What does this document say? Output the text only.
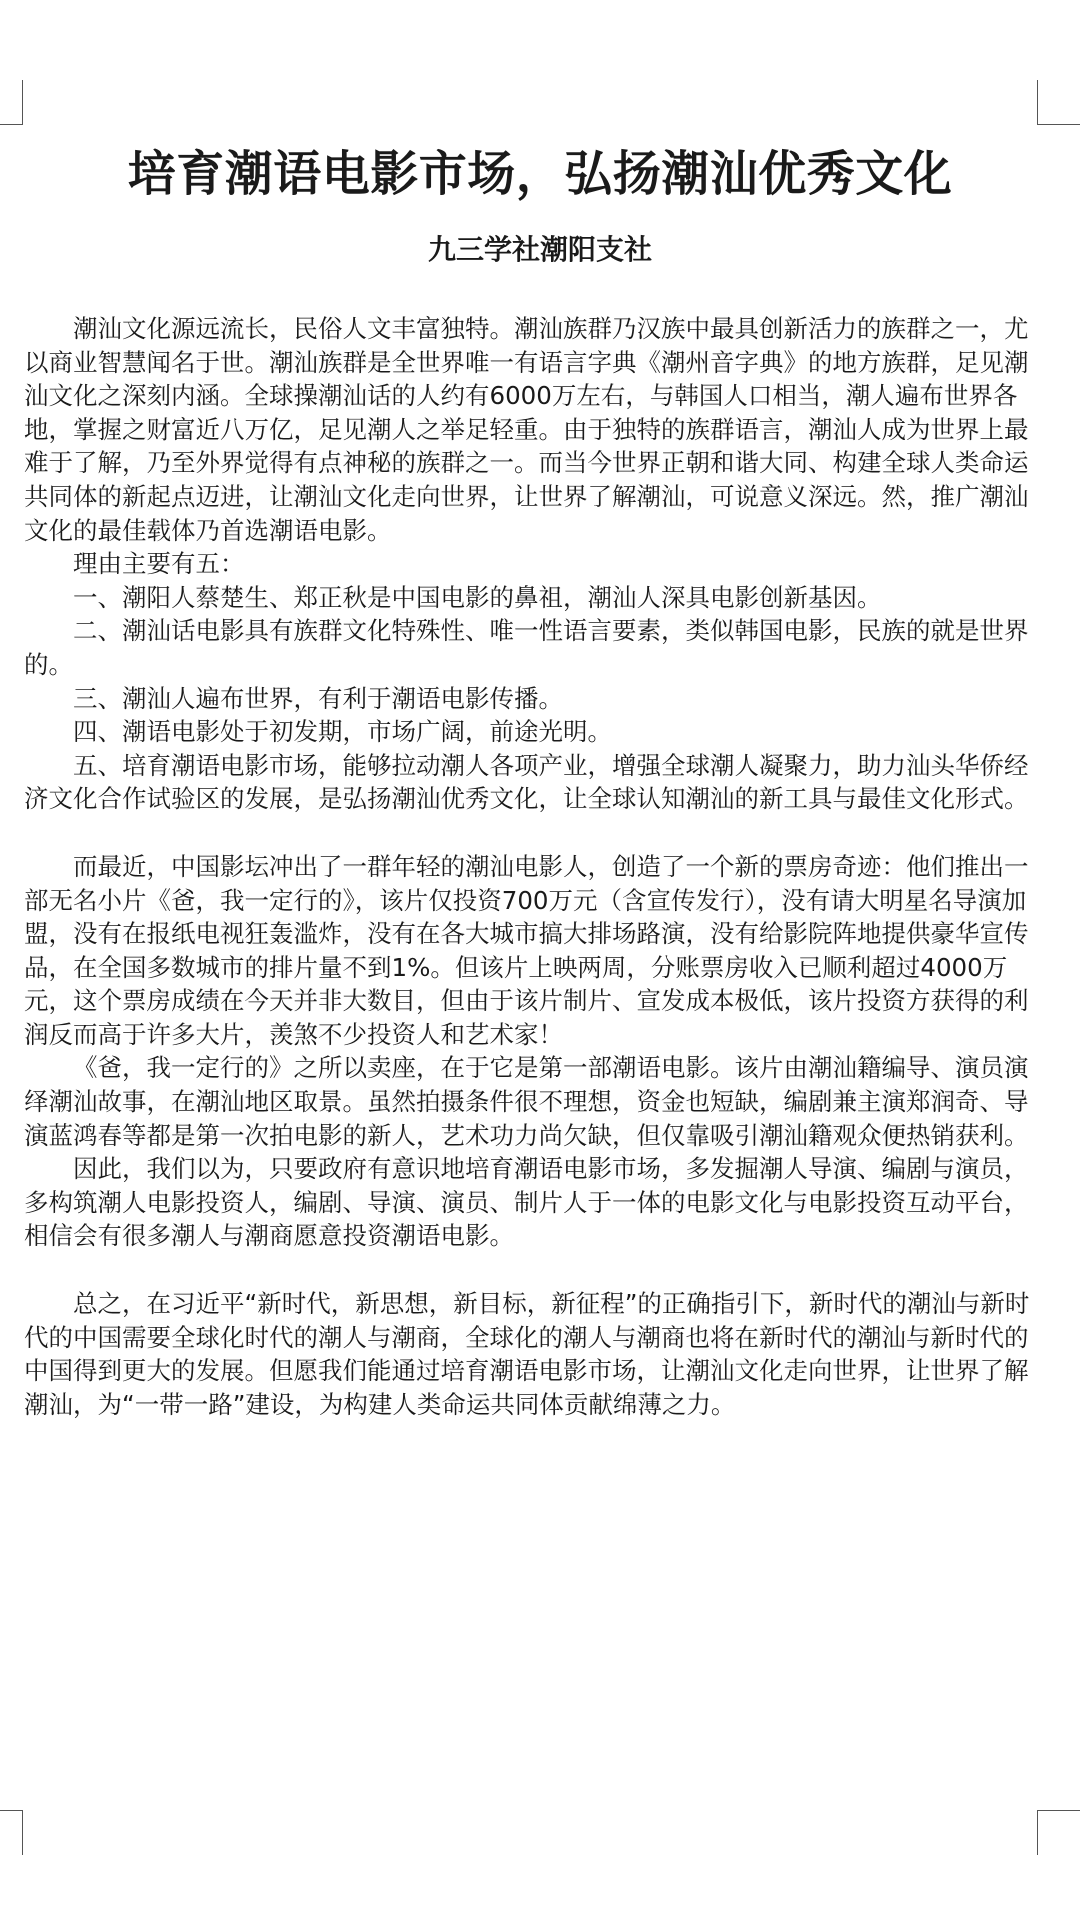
培育潮语电影市场，弘扬潮汕优秀文化
九三学社潮阳支社

潮汕文化源远流长，民俗人文丰富独特。潮汕族群乃汉族中最具创新活力的族群之一，尤以商业智慧闻名于世。潮汕族群是全世界唯一有语言字典《潮州音字典》的地方族群，足见潮汕文化之深刻内涵。全球操潮汕话的人约有6000万左右，与韩国人口相当，潮人遍布世界各地，掌握之财富近八万亿，足见潮人之举足轻重。由于独特的族群语言，潮汕人成为世界上最难于了解，乃至外界觉得有点神秘的族群之一。而当今世界正朝和谐大同、构建全球人类命运共同体的新起点迈进，让潮汕文化走向世界，让世界了解潮汕，可说意义深远。然，推广潮汕文化的最佳载体乃首选潮语电影。

理由主要有五：

一、潮阳人蔡楚生、郑正秋是中国电影的鼻祖，潮汕人深具电影创新基因。

二、潮汕话电影具有族群文化特殊性、唯一性语言要素，类似韩国电影，民族的就是世界的。

三、潮汕人遍布世界，有利于潮语电影传播。

四、潮语电影处于初发期，市场广阔，前途光明。

五、培育潮语电影市场，能够拉动潮人各项产业，增强全球潮人凝聚力，助力汕头华侨经济文化合作试验区的发展，是弘扬潮汕优秀文化，让全球认知潮汕的新工具与最佳文化形式。

而最近，中国影坛冲出了一群年轻的潮汕电影人，创造了一个新的票房奇迹：他们推出一部无名小片《爸，我一定行的》，该片仅投资700万元（含宣传发行），没有请大明星名导演加盟，没有在报纸电视狂轰滥炸，没有在各大城市搞大排场路演，没有给影院阵地提供豪华宣传品，在全国多数城市的排片量不到1%。但该片上映两周，分账票房收入已顺利超过4000万元，这个票房成绩在今天并非大数目，但由于该片制片、宣发成本极低，该片投资方获得的利润反而高于许多大片，羡煞不少投资人和艺术家！

《爸，我一定行的》之所以卖座，在于它是第一部潮语电影。该片由潮汕籍编导、演员演绎潮汕故事，在潮汕地区取景。虽然拍摄条件很不理想，资金也短缺，编剧兼主演郑润奇、导演蓝鸿春等都是第一次拍电影的新人，艺术功力尚欠缺，但仅靠吸引潮汕籍观众便热销获利。

因此，我们以为，只要政府有意识地培育潮语电影市场，多发掘潮人导演、编剧与演员，多构筑潮人电影投资人，编剧、导演、演员、制片人于一体的电影文化与电影投资互动平台，相信会有很多潮人与潮商愿意投资潮语电影。

总之，在习近平“新时代，新思想，新目标，新征程”的正确指引下，新时代的潮汕与新时代的中国需要全球化时代的潮人与潮商，全球化的潮人与潮商也将在新时代的潮汕与新时代的中国得到更大的发展。但愿我们能通过培育潮语电影市场，让潮汕文化走向世界，让世界了解潮汕，为“一带一路”建设，为构建人类命运共同体贡献绵薄之力。
